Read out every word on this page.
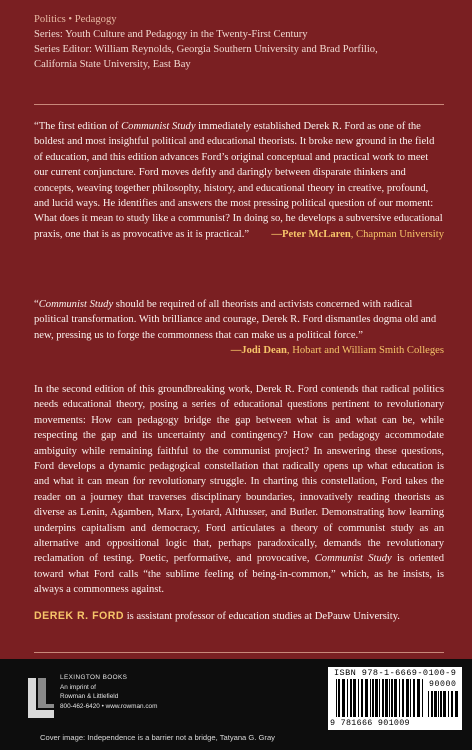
Politics • Pedagogy
Series: Youth Culture and Pedagogy in the Twenty-First Century
Series Editor: William Reynolds, Georgia Southern University and Brad Porfilio,
California State University, East Bay
“The first edition of Communist Study immediately established Derek R. Ford as one of the boldest and most insightful political and educational theorists. It broke new ground in the field of education, and this edition advances Ford’s original conceptual and practical work to meet our current conjuncture. Ford moves deftly and daringly between disparate thinkers and concepts, weaving together philosophy, history, and educational theory in creative, profound, and lucid ways. He identifies and answers the most pressing political question of our moment: What does it mean to study like a communist? In doing so, he develops a subversive educational praxis, one that is as provocative as it is practical.” —Peter McLaren, Chapman University
“Communist Study should be required of all theorists and activists concerned with radical political transformation. With brilliance and courage, Derek R. Ford dismantles dogma old and new, pressing us to forge the commonness that can make us a political force.”
—Jodi Dean, Hobart and William Smith Colleges
In the second edition of this groundbreaking work, Derek R. Ford contends that radical politics needs educational theory, posing a series of educational questions pertinent to revolutionary movements: How can pedagogy bridge the gap between what is and what can be, while respecting the gap and its uncertainty and contingency? How can pedagogy accommodate ambiguity while remaining faithful to the communist project? In answering these questions, Ford develops a dynamic pedagogical constellation that radically opens up what education is and what it can mean for revolutionary struggle. In charting this constellation, Ford takes the reader on a journey that traverses disciplinary boundaries, innovatively reading theorists as diverse as Lenin, Agamben, Marx, Lyotard, Althusser, and Butler. Demonstrating how learning underpins capitalism and democracy, Ford articulates a theory of communist study as an alternative and oppositional logic that, perhaps paradoxically, demands the revolutionary reclamation of testing. Poetic, performative, and provocative, Communist Study is oriented toward what Ford calls “the sublime feeling of being-in-common,” which, as he insists, is always a commonness against.
DEREK R. FORD is assistant professor of education studies at DePauw University.
LEXINGTON BOOKS
An imprint of
Rowman & Littlefield
800-462-6420 • www.rowman.com
ISBN 978-1-6669-0100-9
90000
9 781666 901009
Cover image: Independence is a barrier not a bridge, Tatyana G. Gray
